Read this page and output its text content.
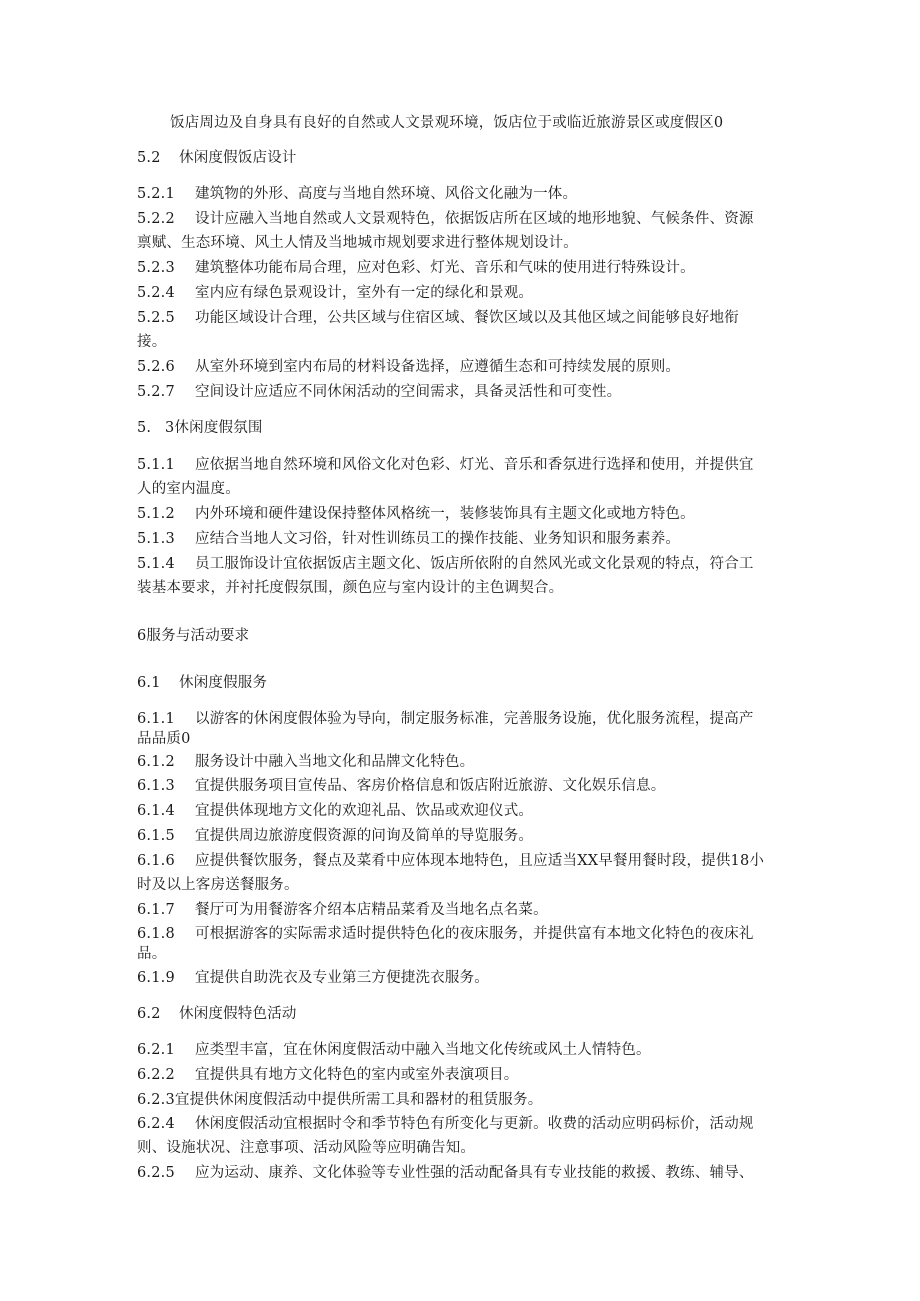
饭店周边及自身具有良好的自然或人文景观环境，饭店位于或临近旅游景区或度假区0
5.2 休闲度假饭店设计
5.2.1 建筑物的外形、高度与当地自然环境、风俗文化融为一体。
5.2.2 设计应融入当地自然或人文景观特色，依据饭店所在区域的地形地貌、气候条件、资源
禀赋、生态环境、风土人情及当地城市规划要求进行整体规划设计。
5.2.3 建筑整体功能布局合理，应对色彩、灯光、音乐和气味的使用进行特殊设计。
5.2.4 室内应有绿色景观设计，室外有一定的绿化和景观。
5.2.5 功能区域设计合理，公共区域与住宿区域、餐饮区域以及其他区域之间能够良好地衔
接。
5.2.6 从室外环境到室内布局的材料设备选择，应遵循生态和可持续发展的原则。
5.2.7 空间设计应适应不同休闲活动的空间需求，具备灵活性和可变性。
5. 3休闲度假氛围
5.1.1 应依据当地自然环境和风俗文化对色彩、灯光、音乐和香氛进行选择和使用，并提供宜
人的室内温度。
5.1.2 内外环境和硬件建设保持整体风格统一，装修装饰具有主题文化或地方特色。
5.1.3 应结合当地人文习俗，针对性训练员工的操作技能、业务知识和服务素养。
5.1.4 员工服饰设计宜依据饭店主题文化、饭店所依附的自然风光或文化景观的特点，符合工
装基本要求，并衬托度假氛围，颜色应与室内设计的主色调契合。
6服务与活动要求
6.1 休闲度假服务
6.1.1 以游客的休闲度假体验为导向，制定服务标准，完善服务设施，优化服务流程，提高产
品品质0
6.1.2 服务设计中融入当地文化和品牌文化特色。
6.1.3 宜提供服务项目宣传品、客房价格信息和饭店附近旅游、文化娱乐信息。
6.1.4 宜提供体现地方文化的欢迎礼品、饮品或欢迎仪式。
6.1.5 宜提供周边旅游度假资源的问询及简单的导览服务。
6.1.6 应提供餐饮服务，餐点及菜肴中应体现本地特色，且应适当XX早餐用餐时段，提供18小
时及以上客房送餐服务。
6.1.7 餐厅可为用餐游客介绍本店精品菜肴及当地名点名菜。
6.1.8 可根据游客的实际需求适时提供特色化的夜床服务，并提供富有本地文化特色的夜床礼
品。
6.1.9 宜提供自助洗衣及专业第三方便捷洗衣服务。
6.2 休闲度假特色活动
6.2.1 应类型丰富，宜在休闲度假活动中融入当地文化传统或风土人情特色。
6.2.2 宜提供具有地方文化特色的室内或室外表演项目。
6.2.3宜提供休闲度假活动中提供所需工具和器材的租赁服务。
6.2.4 休闲度假活动宜根据时令和季节特色有所变化与更新。收费的活动应明码标价，活动规
则、设施状况、注意事项、活动风险等应明确告知。
6.2.5 应为运动、康养、文化体验等专业性强的活动配备具有专业技能的救援、教练、辅导、
